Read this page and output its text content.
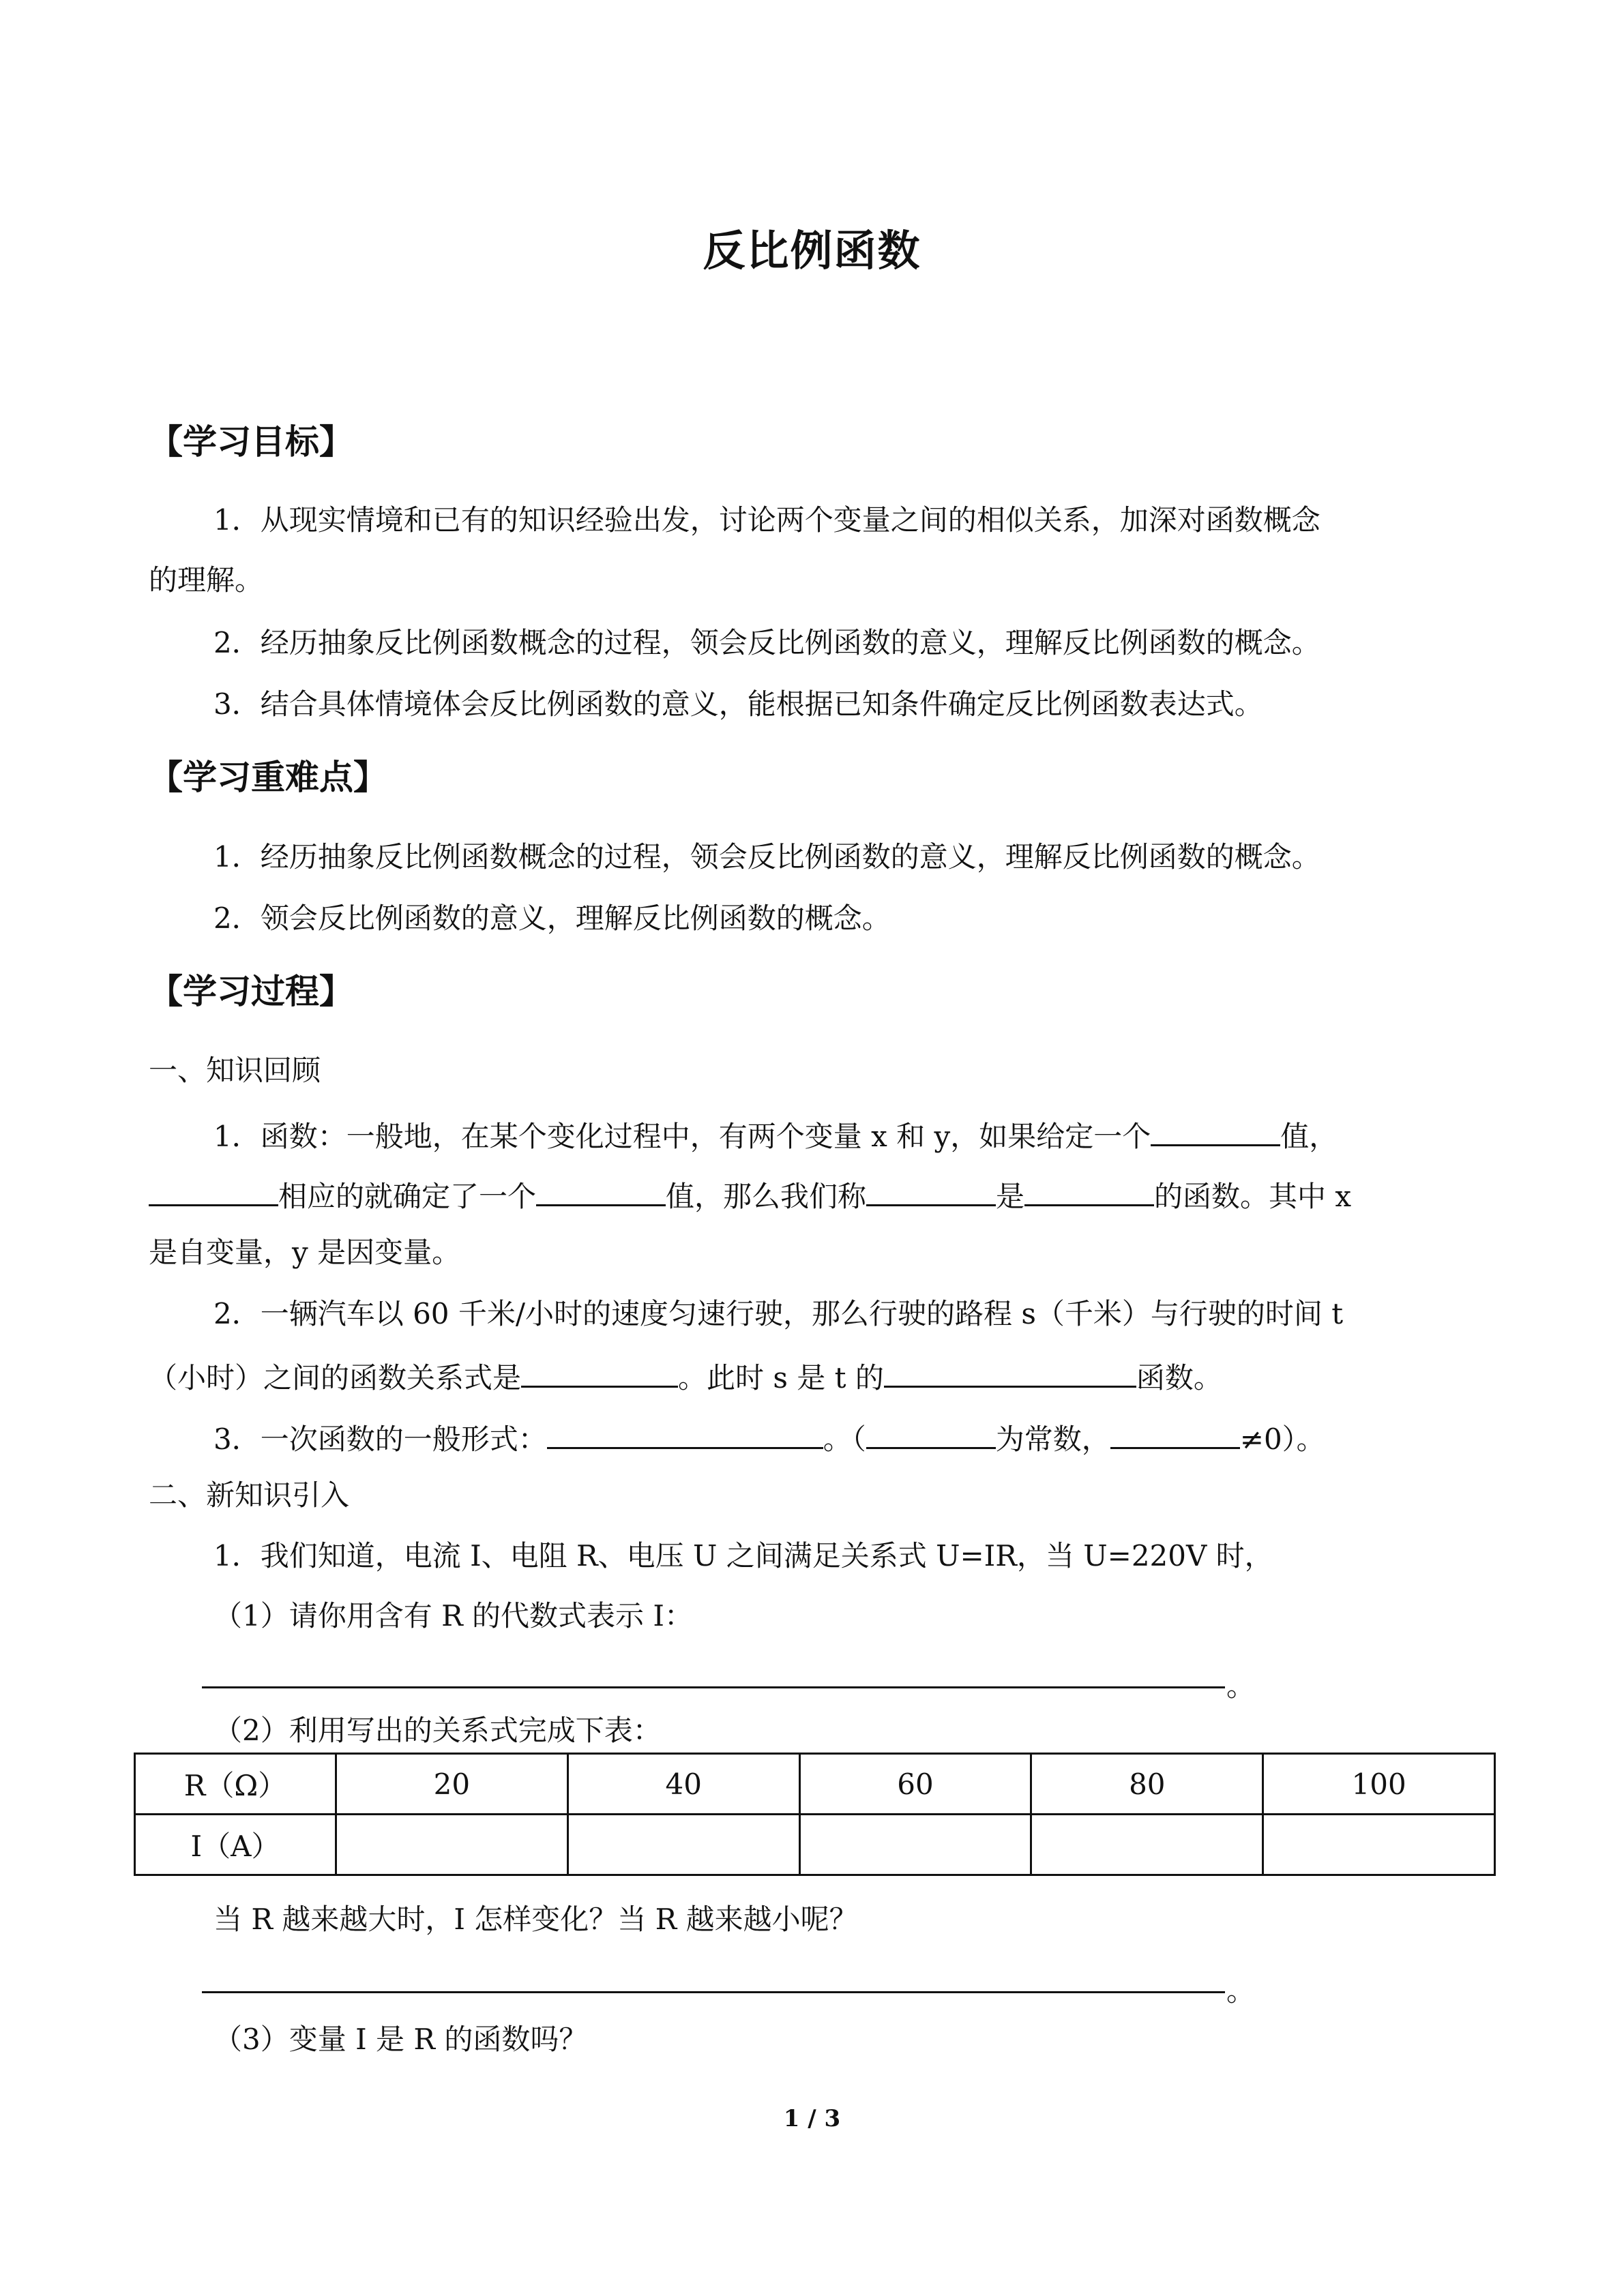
反比例函数
【学习目标】
1．从现实情境和已有的知识经验出发，讨论两个变量之间的相似关系，加深对函数概念
的理解。
2．经历抽象反比例函数概念的过程，领会反比例函数的意义，理解反比例函数的概念。
3．结合具体情境体会反比例函数的意义，能根据已知条件确定反比例函数表达式。
【学习重难点】
1．经历抽象反比例函数概念的过程，领会反比例函数的意义，理解反比例函数的概念。
2．领会反比例函数的意义，理解反比例函数的概念。
【学习过程】
一、知识回顾
1．函数：一般地，在某个变化过程中，有两个变量 x 和 y，如果给定一个	值，
相应的就确定了一个	值，那么我们称	是	的函数。其中 x
是自变量，y 是因变量。
2．一辆汽车以 60 千米/小时的速度匀速行驶，那么行驶的路程 s（千米）与行驶的时间 t
（小时）之间的函数关系式是	。此时 s 是 t 的	函数。
3．一次函数的一般形式：	。（	为常数，	≠0）。
二、新知识引入
1．我们知道，电流 I、电阻 R、电压 U 之间满足关系式 U=IR，当 U=220V 时，
（1）请你用含有 R 的代数式表示 I：
。
（2）利用写出的关系式完成下表：
R（Ω）	20	40	60	80	100
I（A）					
当 R 越来越大时，I 怎样变化？当 R 越来越小呢？
。
（3）变量 I 是 R 的函数吗？
1 / 3
